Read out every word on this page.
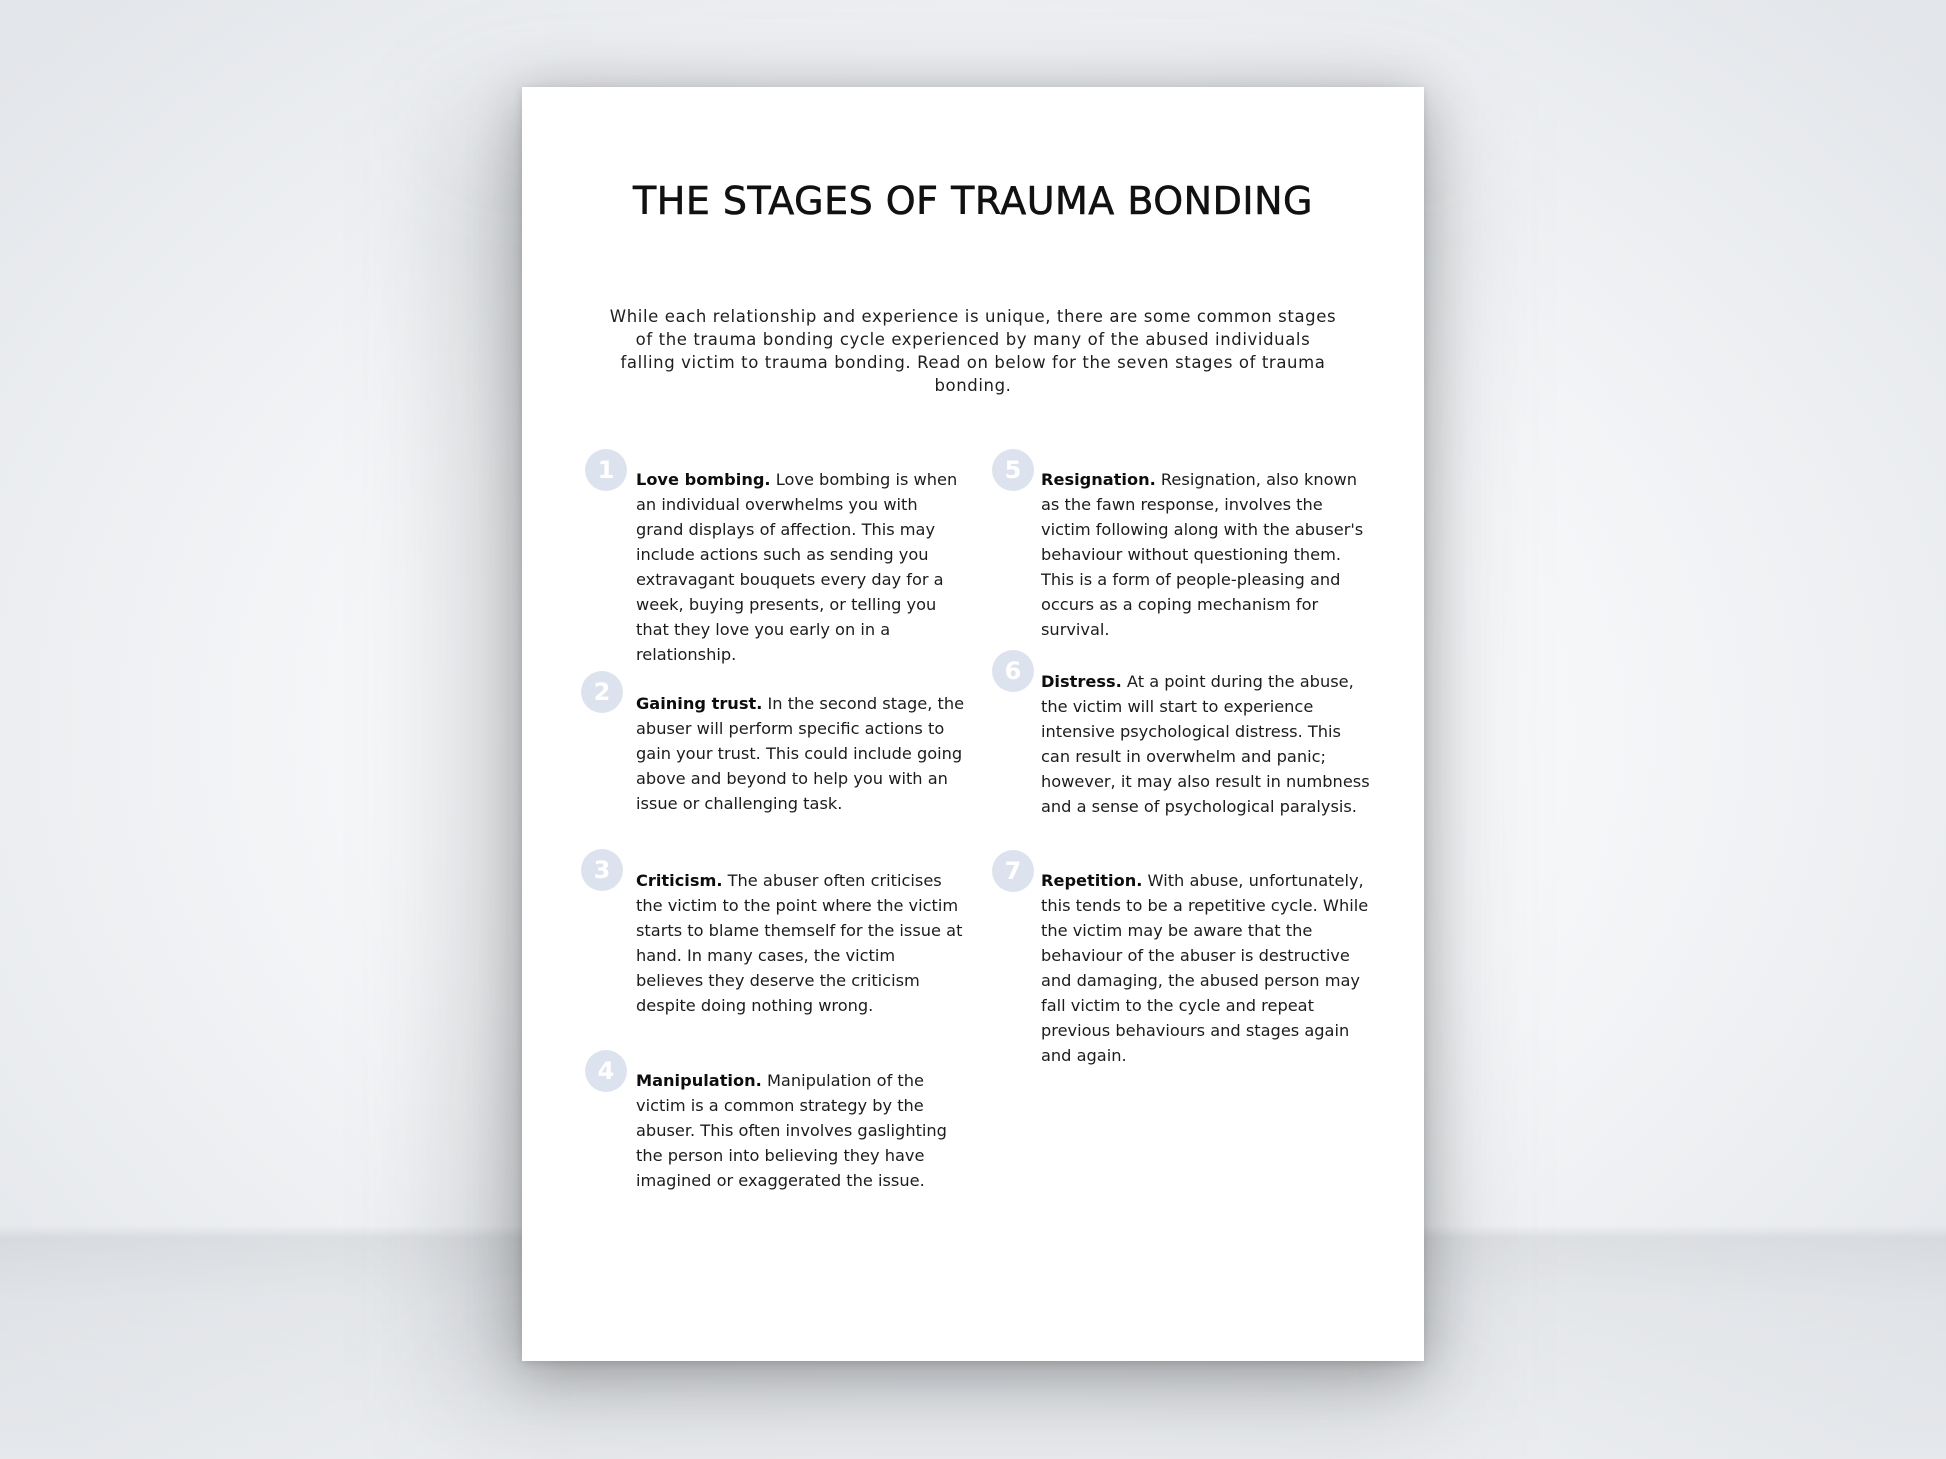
THE STAGES OF TRAUMA BONDING

While each relationship and experience is unique, there are some common stages of the trauma bonding cycle experienced by many of the abused individuals falling victim to trauma bonding. Read on below for the seven stages of trauma bonding.

1	Love bombing. Love bombing is when an individual overwhelms you with grand displays of affection. This may include actions such as sending you extravagant bouquets every day for a week, buying presents, or telling you that they love you early on in a relationship.

2	Gaining trust. In the second stage, the abuser will perform specific actions to gain your trust. This could include going above and beyond to help you with an issue or challenging task.

3	Criticism. The abuser often criticises the victim to the point where the victim starts to blame themself for the issue at hand. In many cases, the victim believes they deserve the criticism despite doing nothing wrong.

4	Manipulation. Manipulation of the victim is a common strategy by the abuser. This often involves gaslighting the person into believing they have imagined or exaggerated the issue.

5	Resignation. Resignation, also known as the fawn response, involves the victim following along with the abuser's behaviour without questioning them. This is a form of people-pleasing and occurs as a coping mechanism for survival.

6	Distress. At a point during the abuse, the victim will start to experience intensive psychological distress. This can result in overwhelm and panic; however, it may also result in numbness and a sense of psychological paralysis.

7	Repetition. With abuse, unfortunately, this tends to be a repetitive cycle. While the victim may be aware that the behaviour of the abuser is destructive and damaging, the abused person may fall victim to the cycle and repeat previous behaviours and stages again and again.
